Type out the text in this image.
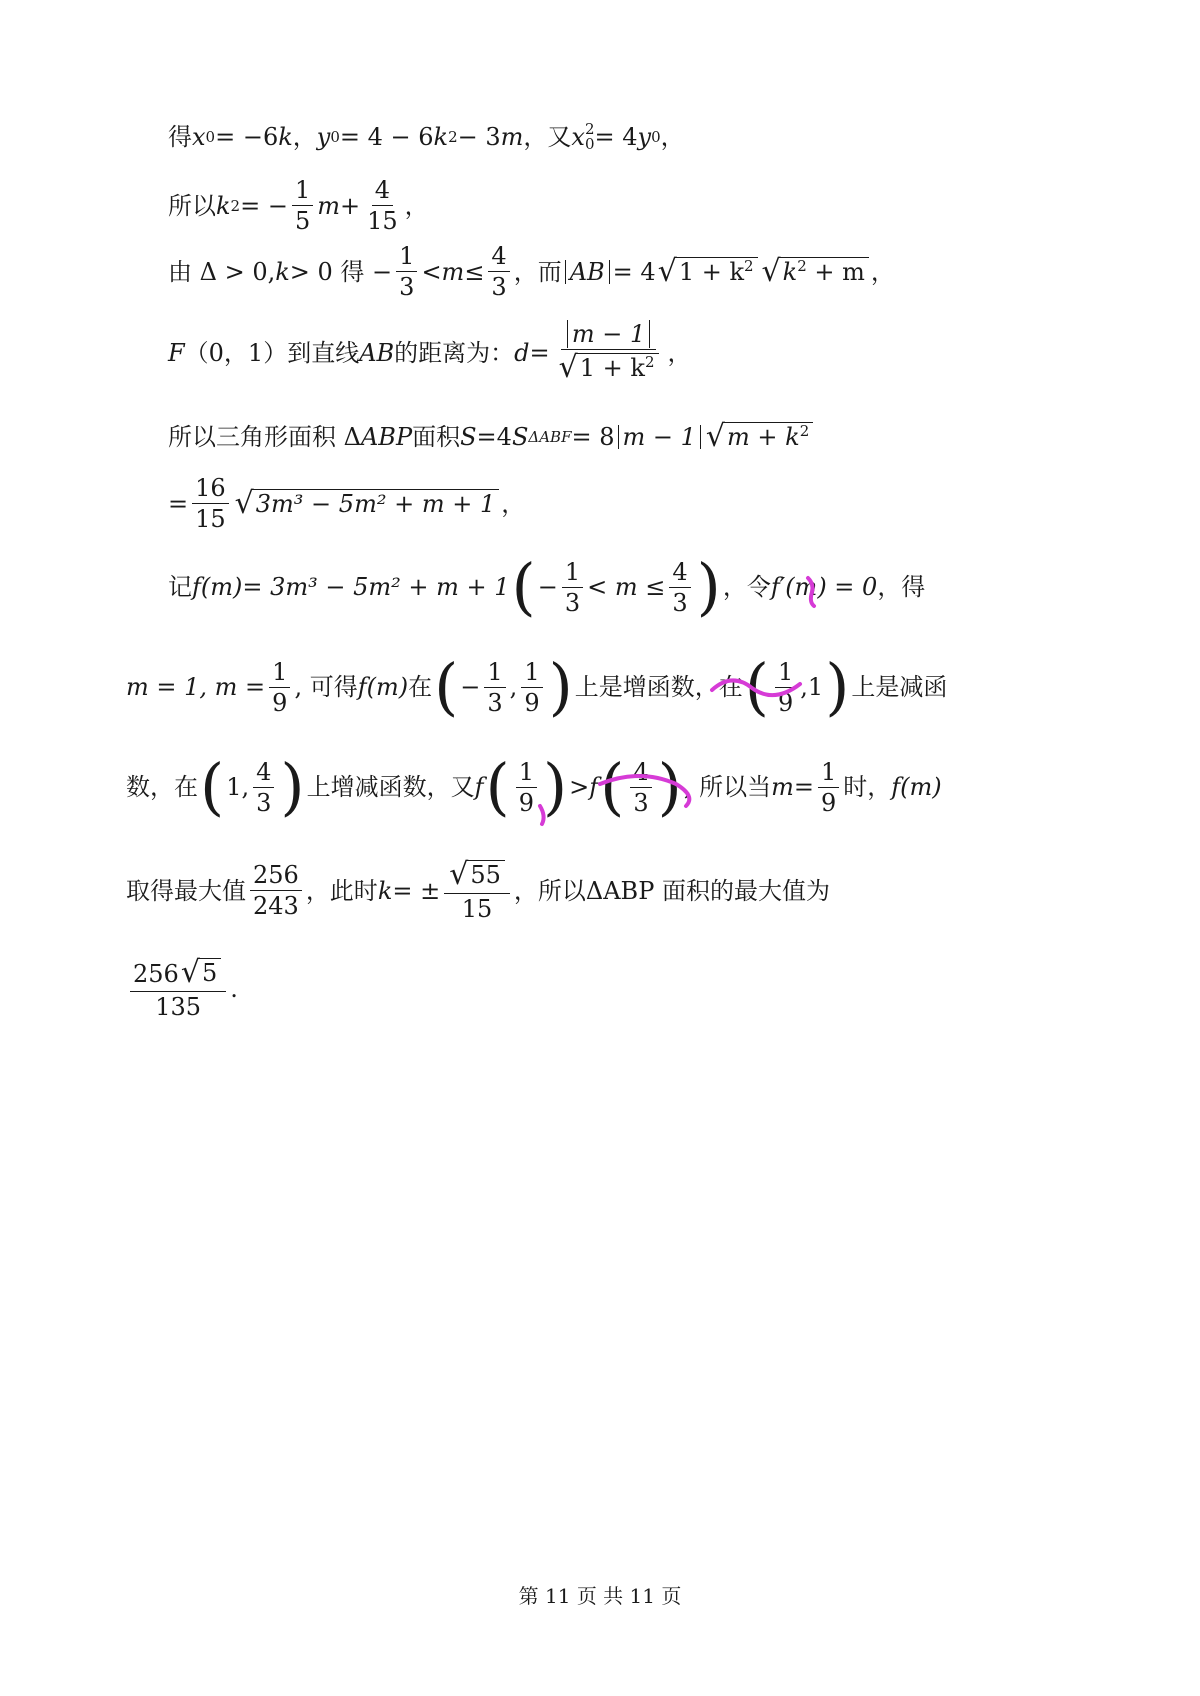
得 x 0 = −6 k ， y 0 = 4 − 6 k 2 − 3 m ，又 x 2
0 = 4 y 0 ，
所以 k 2 = − $\frac{1}{5}$ $m + \frac{4}{15}$ ，
由 Δ > 0, k > 0 得 − $\frac{1}{3} < m \le \frac{4}{3}$ ，而 AB = 4 √ $1 + k^2$ √ $k^2 + m$ ，
F （0，1）到直线 AB 的距离为： $d = \frac{m - 1}{√ 1 + k^2}$ ，
所以三角形面积 Δ ABP 面积 S =4 S ΔABF = 8 m − 1 √ $m + k^2$
= $\frac{16}{15}$ √ 3m³ − 5m² + m + 1 ，
记 f (m) = 3m³ − 5m² + m + 1 ( − $\frac{1}{3} < m \le \frac{4}{3}$ ) ，令 f′(m) = 0 ，得
m = 1, $m = \frac{1}{9}$ , 可得 f (m) 在 ( − $\frac{1}{3}$ , $\frac{1}{9}$ ) 上是增函数，在 ( $\frac{1}{9} ,1$ ) 上是减函
数，在 ( 1, $\frac{4}{3}$ ) 上增减函数，又 f ( $\frac{1}{9}$ ) > f ( $\frac{4}{3}$ ) , 所以当 $m = \frac{1}{9}$ 时， f (m)
取得最大值 $\frac{256}{243}$ ，此时 k = ± $\frac{√ 55}{15}$ ，所以ΔABP 面积的最大值为
$\frac{256 √ 5}{135}$ .
第 11 页 共 11 页
